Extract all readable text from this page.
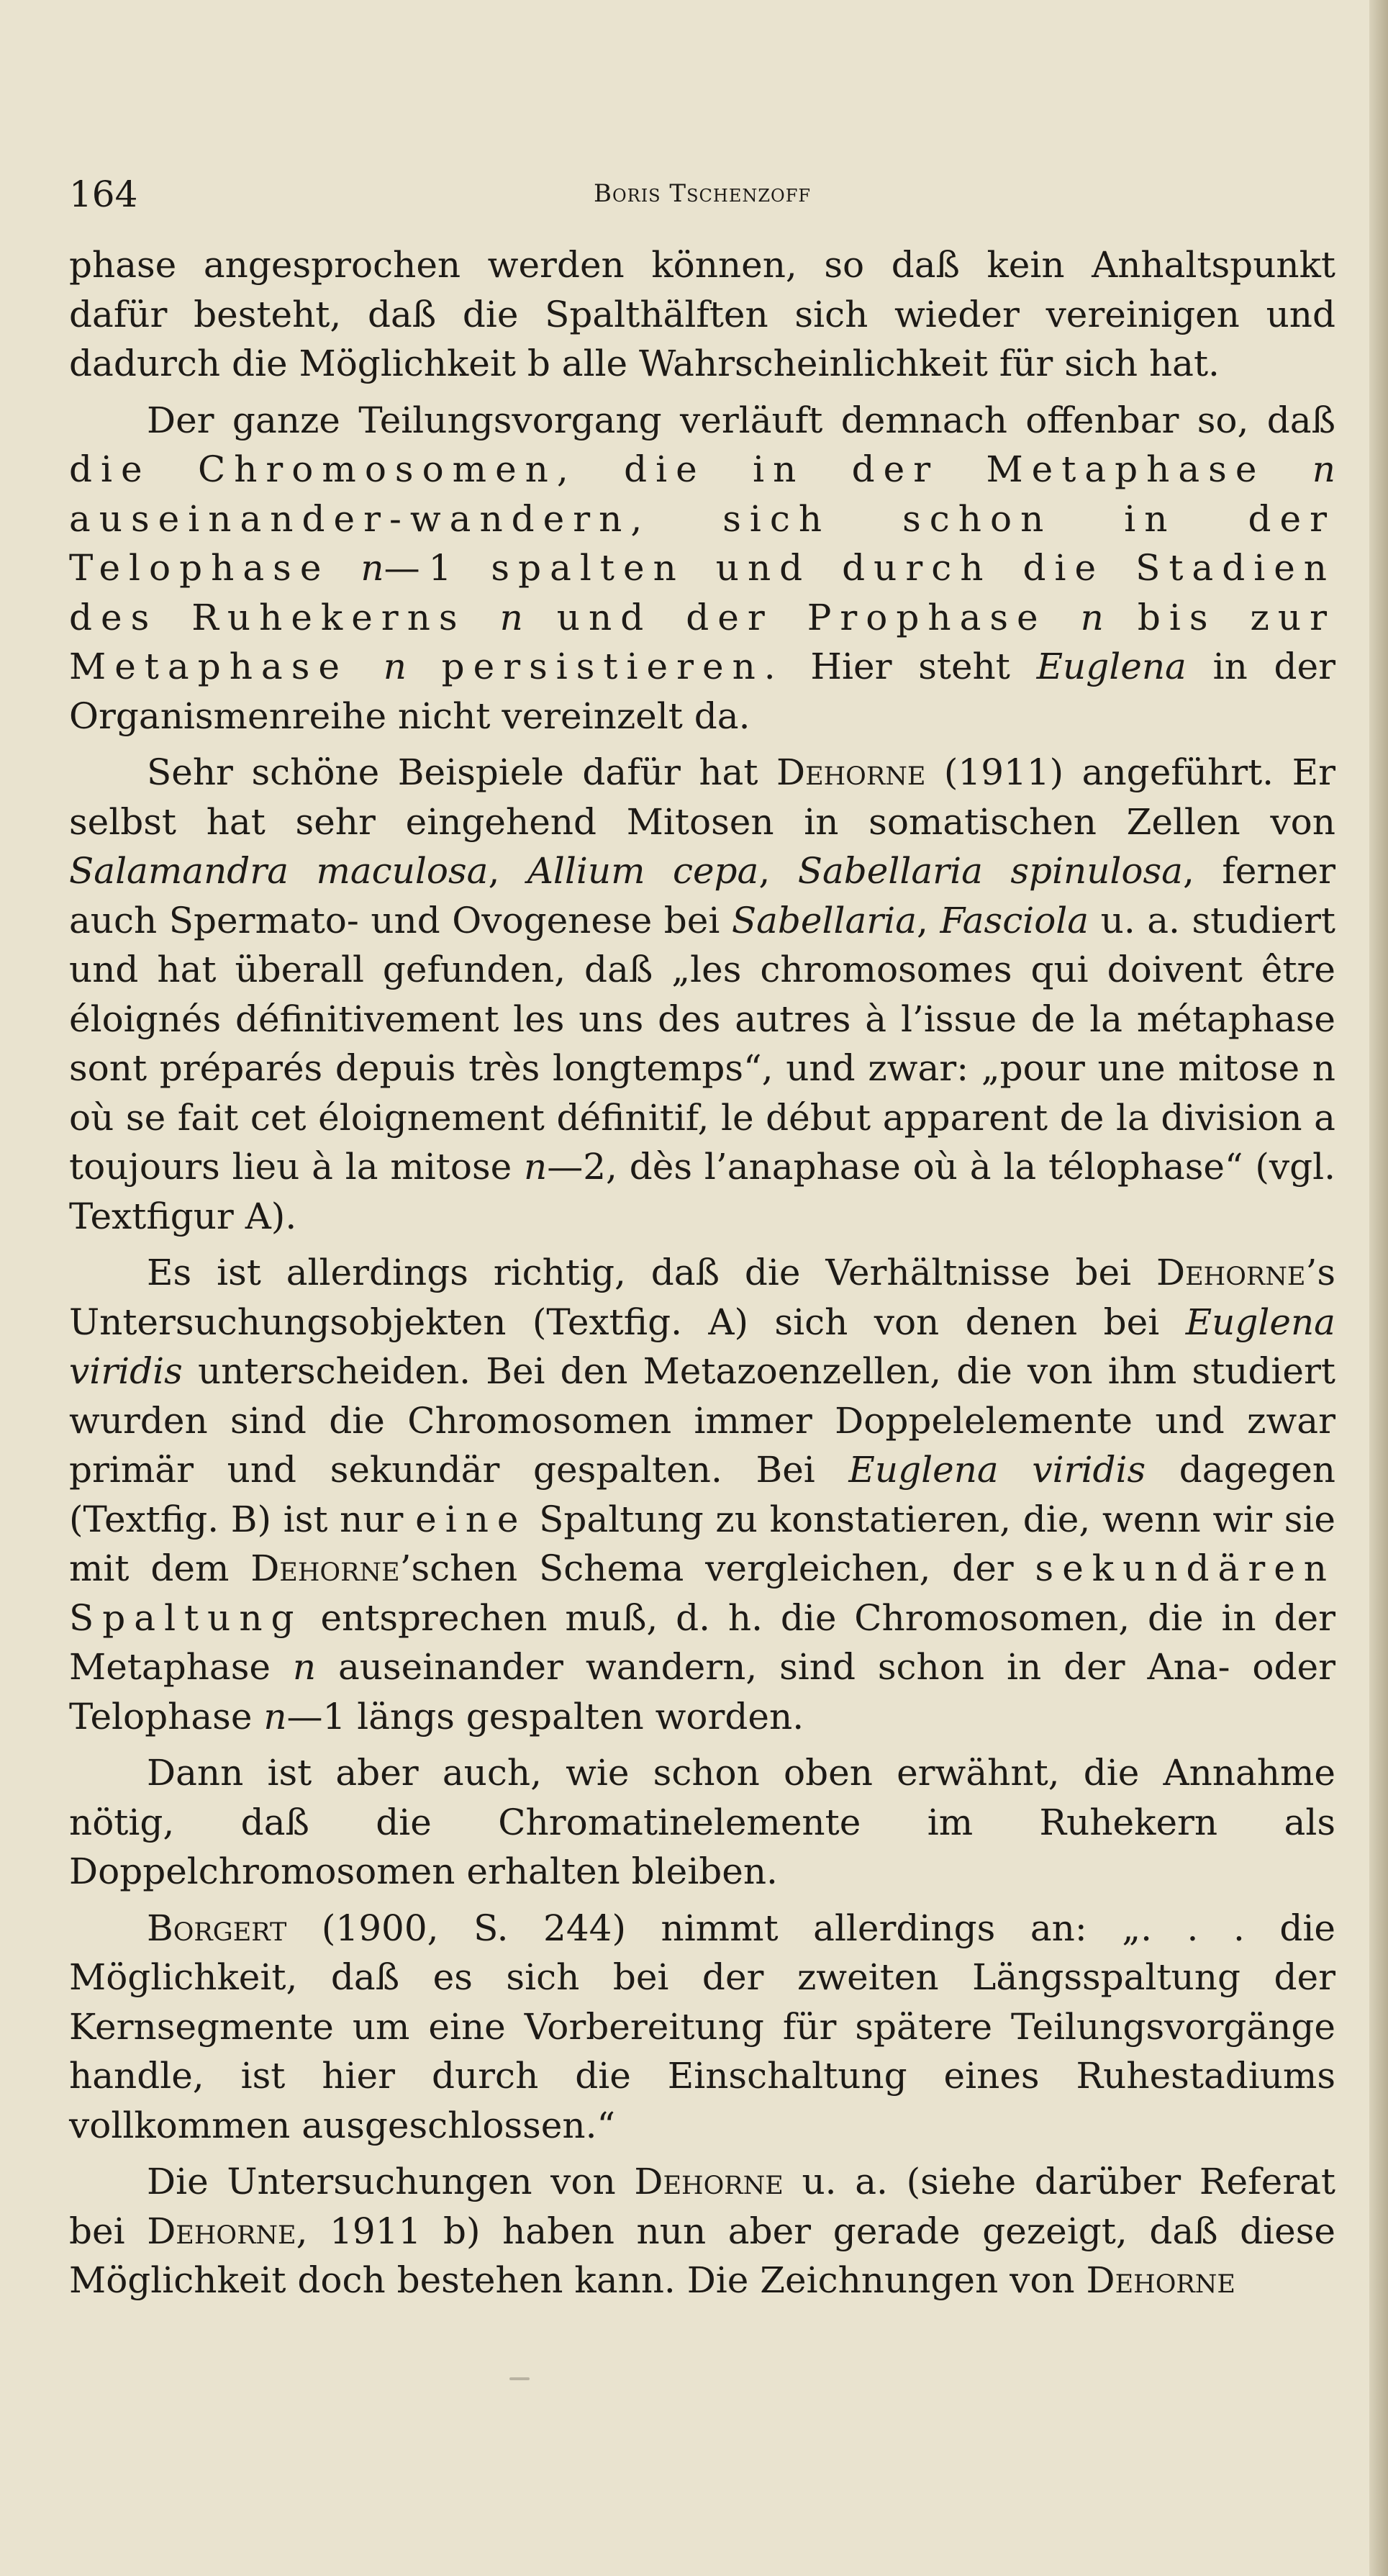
164	Boris Tschenzoff

phase angesprochen werden können, so daß kein Anhaltspunkt dafür besteht, daß die Spalthälften sich wieder vereinigen und dadurch die Möglichkeit b alle Wahrscheinlichkeit für sich hat.

Der ganze Teilungsvorgang verläuft demnach offenbar so, daß die Chromosomen, die in der Metaphase n auseinander-wandern, sich schon in der Telophase n—1 spalten und durch die Stadien des Ruhekerns n und der Prophase n bis zur Metaphase n persistieren. Hier steht Euglena in der Organismenreihe nicht vereinzelt da.

Sehr schöne Beispiele dafür hat Dehorne (1911) angeführt. Er selbst hat sehr eingehend Mitosen in somatischen Zellen von Salamandra maculosa, Allium cepa, Sabellaria spinulosa, ferner auch Spermato- und Ovogenese bei Sabellaria, Fasciola u. a. studiert und hat überall gefunden, daß „les chromosomes qui doivent être éloignés définitivement les uns des autres à l’issue de la métaphase sont préparés depuis très longtemps“, und zwar: „pour une mitose n où se fait cet éloignement définitif, le début apparent de la division a toujours lieu à la mitose n—2, dès l’anaphase où à la télophase“ (vgl. Textfigur A).

Es ist allerdings richtig, daß die Verhältnisse bei Dehorne’s Untersuchungsobjekten (Textfig. A) sich von denen bei Euglena viridis unterscheiden. Bei den Metazoenzellen, die von ihm studiert wurden sind die Chromosomen immer Doppelelemente und zwar primär und sekundär gespalten. Bei Euglena viridis dagegen (Textfig. B) ist nur eine Spaltung zu konstatieren, die, wenn wir sie mit dem Dehorne’schen Schema vergleichen, der sekundären Spaltung entsprechen muß, d. h. die Chromosomen, die in der Metaphase n auseinander wandern, sind schon in der Ana- oder Telophase n—1 längs gespalten worden.

Dann ist aber auch, wie schon oben erwähnt, die Annahme nötig, daß die Chromatinelemente im Ruhekern als Doppelchromosomen erhalten bleiben.

Borgert (1900, S. 244) nimmt allerdings an: „. . . die Möglichkeit, daß es sich bei der zweiten Längsspaltung der Kernsegmente um eine Vorbereitung für spätere Teilungsvorgänge handle, ist hier durch die Einschaltung eines Ruhestadiums vollkommen ausgeschlossen.“

Die Untersuchungen von Dehorne u. a. (siehe darüber Referat bei Dehorne, 1911 b) haben nun aber gerade gezeigt, daß diese Möglichkeit doch bestehen kann. Die Zeichnungen von Dehorne
